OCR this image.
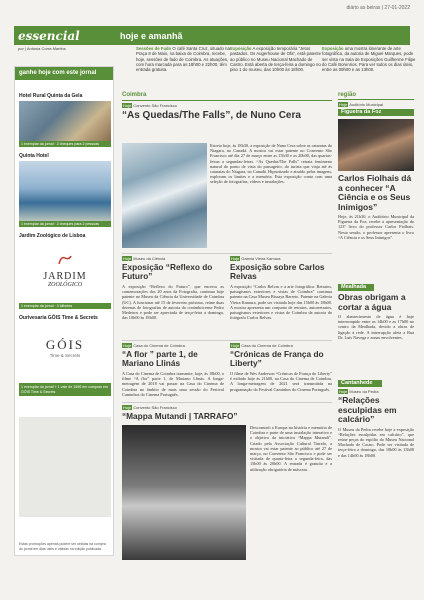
diário as beiras | 27-01-2022
essencial	hoje e amanhã
por | Antónia Corra Martins	Sessões de Fado O café Santa Cruz, situado na Praça 8 de Maio, na baixa de Coimbra, recebe, hoje, sessões de fado de Coimbra. As atuações, com hora marcada para as 18h00 e 22h00, têm entrada gratuita.
Exposição A exposição temporária “Jetos pastados. Os Augerhouse de Ofa”, está patente ao público no Museu Nacional Machado de Castro. Está aberta de terça-feira a domingo no piso 1 do museu, das 10h00 às 18h00.
Exposição uma mostra itinerante de arte fotográfica, da autoria de Miguel Marques, pode ser vista na Sala de Exposições Guilherme Filipe do Café Borenrios. Para ver todos os dias úteis, entre as 09h00 e as 13h00.
ganhe hoje com este jornal
Hotel Rural Quinta da Gela
1 exemplar da jornal · 2 cheques para 2 pessoas
Quinta Hotel
1 exemplar da jornal · 2 cheques para 2 pessoas
Jardim Zoológico de Lisboa
JARDIM
ZOOLÓGICO
1 exemplar da jornal · 3 bilhetes
Ourivesaria GÓIS Time & Secrets
GÓIS
Time & Secrets
1 exemplar da jornal + 1 vale de 150€ em compras em GÓIS Time & Secrets
Estas promoções apenas podem ser obtidas na compra do jornal em dias úteis e válidas na edição publicada.
Coimbra
Hoje Convento São Francisco
“As Quedas/The Falls”, de Nuno Cera
Estreia hoje, às 18h30, a exposição de Nuno Cera sobre as cataratas do Niagara, no Canadá. A mostra vai estar patente no Convento São Francisco até dia 27 de março entre as 15h30 e as 20h00, das quartas-feiras a segundas-feiras. “As Quedas/The Falls” retrata fenómeno natural do ponto de vista do passageiro, do turista que viaja até às cataratas do Niagara, no Canadá. Hipnotizado e atraído pelas imagens, exploram os limites e a memória. Esta exposição conta com uma seleção de fotografias, vídeos e instalações.
Hoje Museu da Ciência
Exposição “Reflexo do Futuro”
A exposição “Reflexo do Futuro”, que encerra as comemorações dos 20 anos da Fotografia, continua hoje patente no Museu da Ciência da Universidade de Coimbra (UC). A funcionar até 15 de fevereiro próximo, reúne duas dezenas de fotografias de autoria do conimbricense Pedro Medeiros e pode ser apreciada de terça-feira a domingo, das 10h00 às 18h00.
Hoje Galeria Vieira Kamura
Exposição sobre Carlos Relvas
A exposição “Carlos Relvas e a arte fotográfica. Retratos, paisagismos exteriores e vistas de Coimbra” continua patente na Casa Museu Bissaya Barreto. Patente na Galeria Vieira Kamura, pode ser visitada hoje das 15h00 às 18h00. A mostra apresenta um conjunto de retratos, autorretratos, paisagismos exteriores e vistas de Coimbra da autoria do fotógrafo Carlos Relvas.
Hoje Casa do Cinema de Coimbra
“A flor ” parte 1, de Mariano Llinás
A Casa do Cinema de Coimbra transmite, hoje, às 18h00, o filme “A flor” parte 1, de Mariano Llinás. A longa-metragem de 2018 vai passar na Casa do Cinema de Coimbra no âmbito de mais uma sessão do Festival Caminhos do Cinema Português.
Hoje Casa do Cinema de Coimbra
“Crónicas de França do Liberty”
O filme de Wes Anderson “Crónicas de França do Liberty” é exibido hoje às 21h00, na Casa do Cinema de Coimbra. A longa-metragem de 2021 será transmitida na programação do Festival Caminhos do Cinema Português.
Hoje Convento São Francisco
“Mappa Mutandi | TARRAFO”
Desconstrói a Europa na história e memória de Coimbra e parte de uma instalação interativa e o objetivo da iniciativa “Mappa Mutandi”. Criado pela Associação Cultural Tarrafo, a mostra vai estar patente ao público até 27 de março, no Convento São Francisco e pode ser visitada de quarta-feira a segunda-feira, das 15h00 às 20h00. A entrada é gratuita e a utilização obrigatória de máscara.
região
Hoje Auditório Municipal
Figueira da Foz
Carlos Fiolhais dá a conhecer “A Ciência e os Seus Inimigos”
Hoje, às 21h30, o Auditório Municipal da Figueira da Foz, recebe a apresentação do 123º livro do professor Carlos Fiolhais. Nesta sessão, o professor apresenta o livro “A Ciência e os Seus Inimigos”.
Mealhada
Obras obrigam a cortar a água
O abastecimento de água é hoje interrompido entre as 14h00 e as 17h00 no centro da Mealhada, devido a obras de ligação à rede. A interrupção afeta a Rua Dr. Luís Navega e zonas envolventes.
Cantanhede
Hoje Museu da Pedra
“Relações esculpidas em calcário”
O Museu da Pedra recebe hoje a exposição “Relações esculpidas em calcário”, que reúne peças do espólio do Museu Nacional Machado de Castro. Pode ser visitada de terça-feira a domingo, das 10h00 às 13h00 e das 14h00 às 18h00.
